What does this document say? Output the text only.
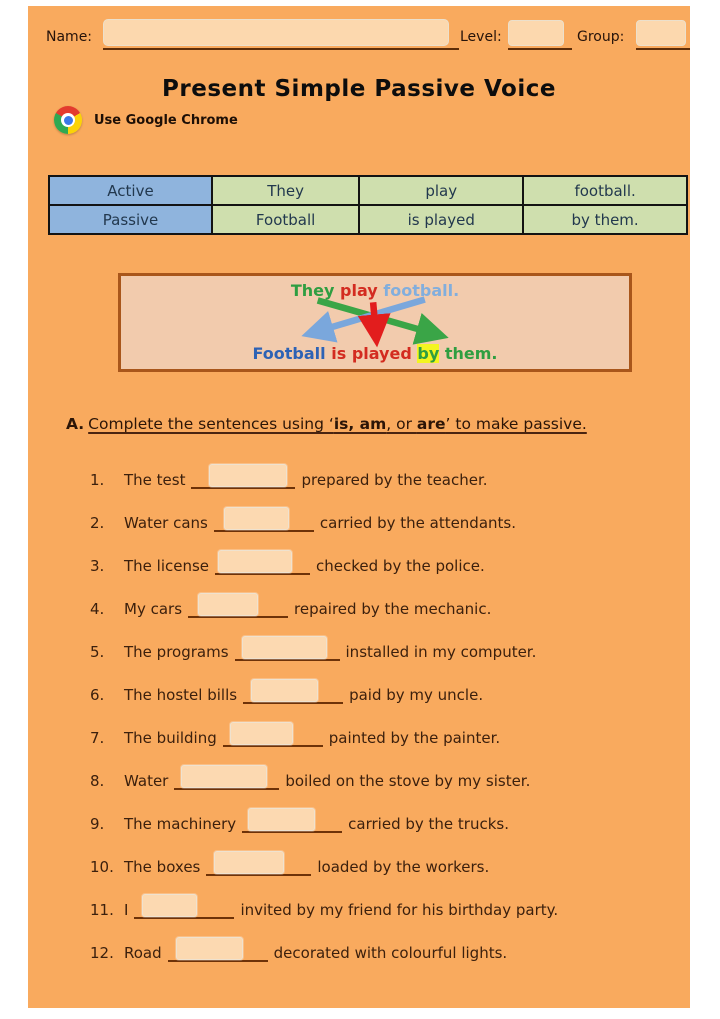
Name:	Level:	Group:
Present Simple Passive Voice
Use Google Chrome
Active	They	play	football.
Passive	Football	is played	by them.
They play football.
Football is played by them.
A. Complete the sentences using ‘is, am, or are’ to make passive.
1.	The test	prepared by the teacher.
2.	Water cans	carried by the attendants.
3.	The license	checked by the police.
4.	My cars	repaired by the mechanic.
5.	The programs	installed in my computer.
6.	The hostel bills	paid by my uncle.
7.	The building	painted by the painter.
8.	Water	boiled on the stove by my sister.
9.	The machinery	carried by the trucks.
10. The boxes	loaded by the workers.
11. I	invited by my friend for his birthday party.
12. Road	decorated with colourful lights.
